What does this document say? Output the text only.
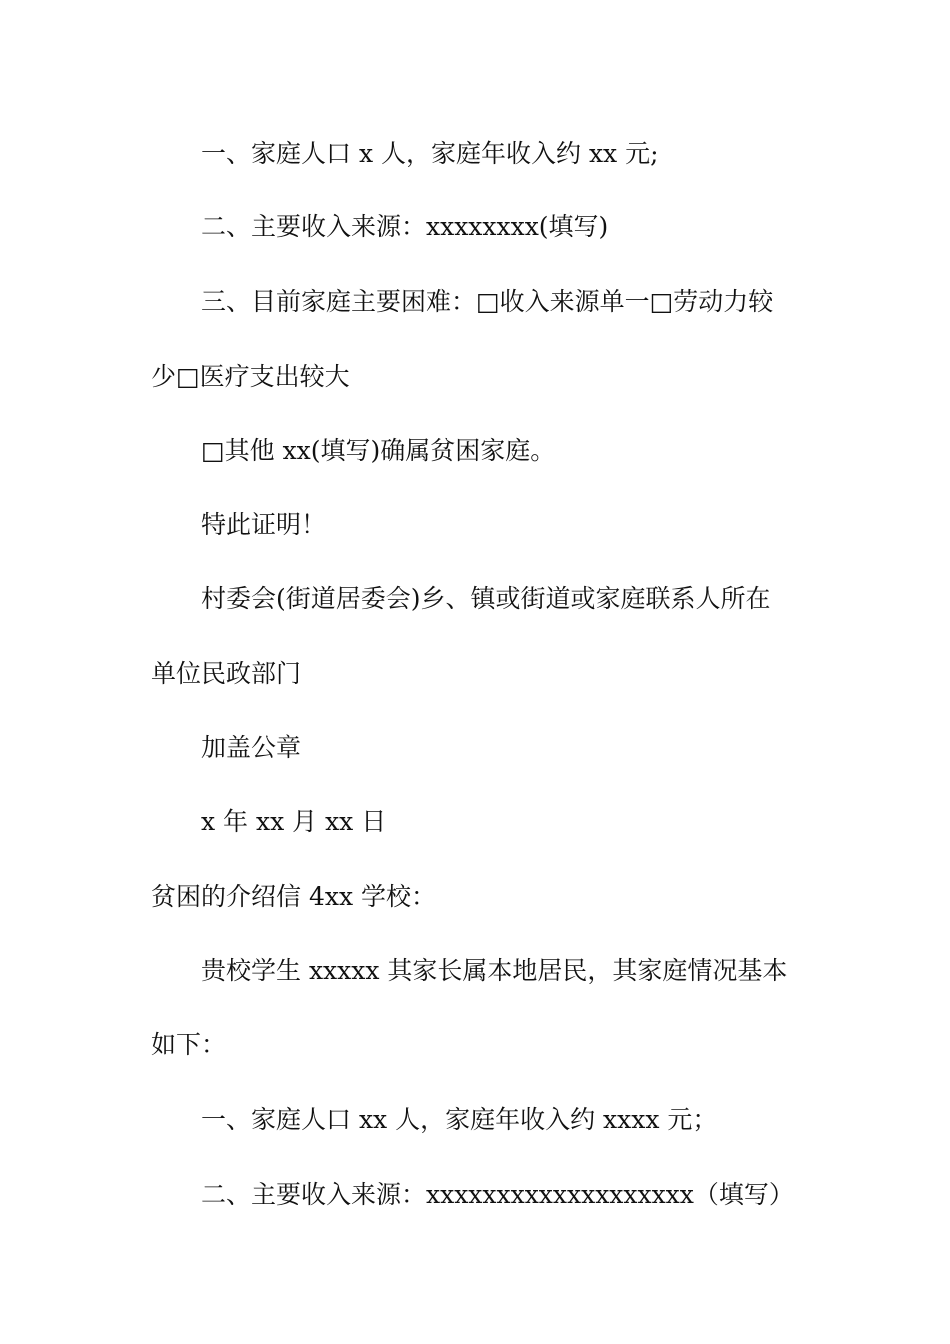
一、家庭人口 x 人，家庭年收入约 xx 元;
二、主要收入来源：xxxxxxxx(填写)
三、目前家庭主要困难：□收入来源单一□劳动力较
少□医疗支出较大
□其他 xx(填写)确属贫困家庭。
特此证明！
村委会(街道居委会)乡、镇或街道或家庭联系人所在
单位民政部门
加盖公章
x 年 xx 月 xx 日
贫困的介绍信 4xx 学校：
贵校学生 xxxxx 其家长属本地居民，其家庭情况基本
如下：
一、家庭人口 xx 人，家庭年收入约 xxxx 元；
二、主要收入来源：xxxxxxxxxxxxxxxxxxx（填写）
